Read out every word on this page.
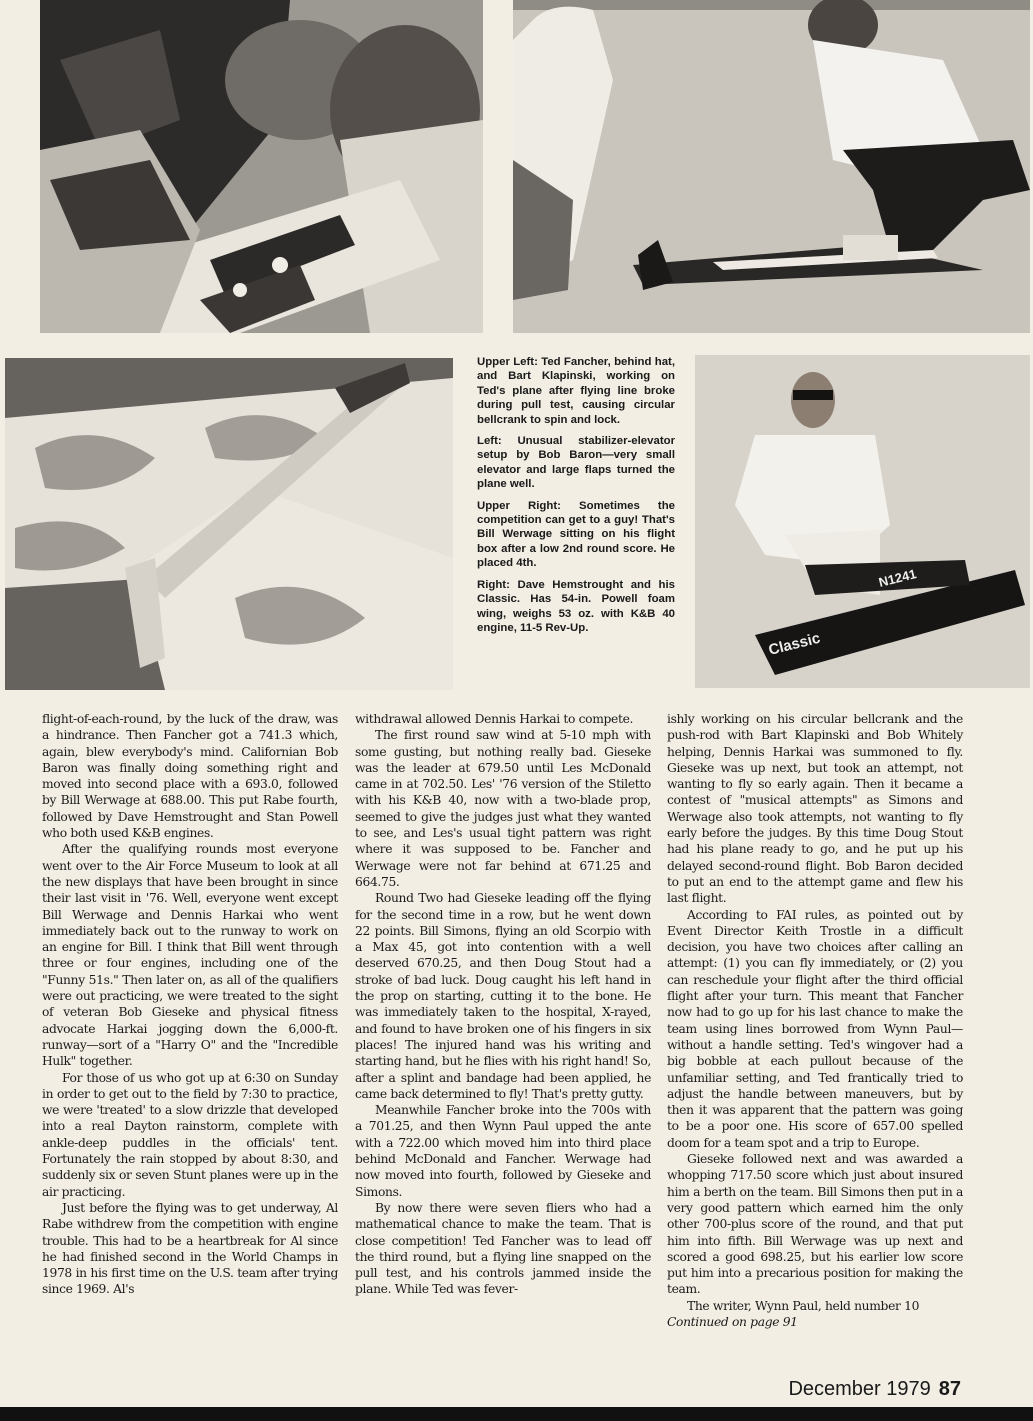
N1241
Classic

Upper Left: Ted Fancher, behind hat, and Bart Klapinski, working on Ted's plane after flying line broke during pull test, causing circular bellcrank to spin and lock.

Left: Unusual stabilizer-elevator setup by Bob Baron—very small elevator and large flaps turned the plane well.

Upper Right: Sometimes the competition can get to a guy! That's Bill Werwage sitting on his flight box after a low 2nd round score. He placed 4th.

Right: Dave Hemstrought and his Classic. Has 54-in. Powell foam wing, weighs 53 oz. with K&B 40 engine, 11-5 Rev-Up.

flight-of-each-round, by the luck of the draw, was a hindrance. Then Fancher got a 741.3 which, again, blew everybody's mind. Californian Bob Baron was finally doing something right and moved into second place with a 693.0, followed by Bill Werwage at 688.00. This put Rabe fourth, followed by Dave Hemstrought and Stan Powell who both used K&B engines.

After the qualifying rounds most everyone went over to the Air Force Museum to look at all the new displays that have been brought in since their last visit in '76. Well, everyone went except Bill Werwage and Dennis Harkai who went immediately back out to the runway to work on an engine for Bill. I think that Bill went through three or four engines, including one of the "Funny 51s." Then later on, as all of the qualifiers were out practicing, we were treated to the sight of veteran Bob Gieseke and physical fitness advocate Harkai jogging down the 6,000-ft. runway—sort of a "Harry O" and the "Incredible Hulk" together.

For those of us who got up at 6:30 on Sunday in order to get out to the field by 7:30 to practice, we were 'treated' to a slow drizzle that developed into a real Dayton rainstorm, complete with ankle-deep puddles in the officials' tent. Fortunately the rain stopped by about 8:30, and suddenly six or seven Stunt planes were up in the air practicing.

Just before the flying was to get underway, Al Rabe withdrew from the competition with engine trouble. This had to be a heartbreak for Al since he had finished second in the World Champs in 1978 in his first time on the U.S. team after trying since 1969. Al's

withdrawal allowed Dennis Harkai to compete.

The first round saw wind at 5-10 mph with some gusting, but nothing really bad. Gieseke was the leader at 679.50 until Les McDonald came in at 702.50. Les' '76 version of the Stiletto with his K&B 40, now with a two-blade prop, seemed to give the judges just what they wanted to see, and Les's usual tight pattern was right where it was supposed to be. Fancher and Werwage were not far behind at 671.25 and 664.75.

Round Two had Gieseke leading off the flying for the second time in a row, but he went down 22 points. Bill Simons, flying an old Scorpio with a Max 45, got into contention with a well deserved 670.25, and then Doug Stout had a stroke of bad luck. Doug caught his left hand in the prop on starting, cutting it to the bone. He was immediately taken to the hospital, X-rayed, and found to have broken one of his fingers in six places! The injured hand was his writing and starting hand, but he flies with his right hand! So, after a splint and bandage had been applied, he came back determined to fly! That's pretty gutty.

Meanwhile Fancher broke into the 700s with a 701.25, and then Wynn Paul upped the ante with a 722.00 which moved him into third place behind McDonald and Fancher. Werwage had now moved into fourth, followed by Gieseke and Simons.

By now there were seven fliers who had a mathematical chance to make the team. That is close competition! Ted Fancher was to lead off the third round, but a flying line snapped on the pull test, and his controls jammed inside the plane. While Ted was fever-

ishly working on his circular bellcrank and the push-rod with Bart Klapinski and Bob Whitely helping, Dennis Harkai was summoned to fly. Gieseke was up next, but took an attempt, not wanting to fly so early again. Then it became a contest of "musical attempts" as Simons and Werwage also took attempts, not wanting to fly early before the judges. By this time Doug Stout had his plane ready to go, and he put up his delayed second-round flight. Bob Baron decided to put an end to the attempt game and flew his last flight.

According to FAI rules, as pointed out by Event Director Keith Trostle in a difficult decision, you have two choices after calling an attempt: (1) you can fly immediately, or (2) you can reschedule your flight after the third official flight after your turn. This meant that Fancher now had to go up for his last chance to make the team using lines borrowed from Wynn Paul—without a handle setting. Ted's wingover had a big bobble at each pullout because of the unfamiliar setting, and Ted frantically tried to adjust the handle between maneuvers, but by then it was apparent that the pattern was going to be a poor one. His score of 657.00 spelled doom for a team spot and a trip to Europe.

Gieseke followed next and was awarded a whopping 717.50 score which just about insured him a berth on the team. Bill Simons then put in a very good pattern which earned him the only other 700-plus score of the round, and that put him into fifth. Bill Werwage was up next and scored a good 698.25, but his earlier low score put him into a precarious position for making the team.

The writer, Wynn Paul, held number 10

Continued on page 91

December 1979 87
